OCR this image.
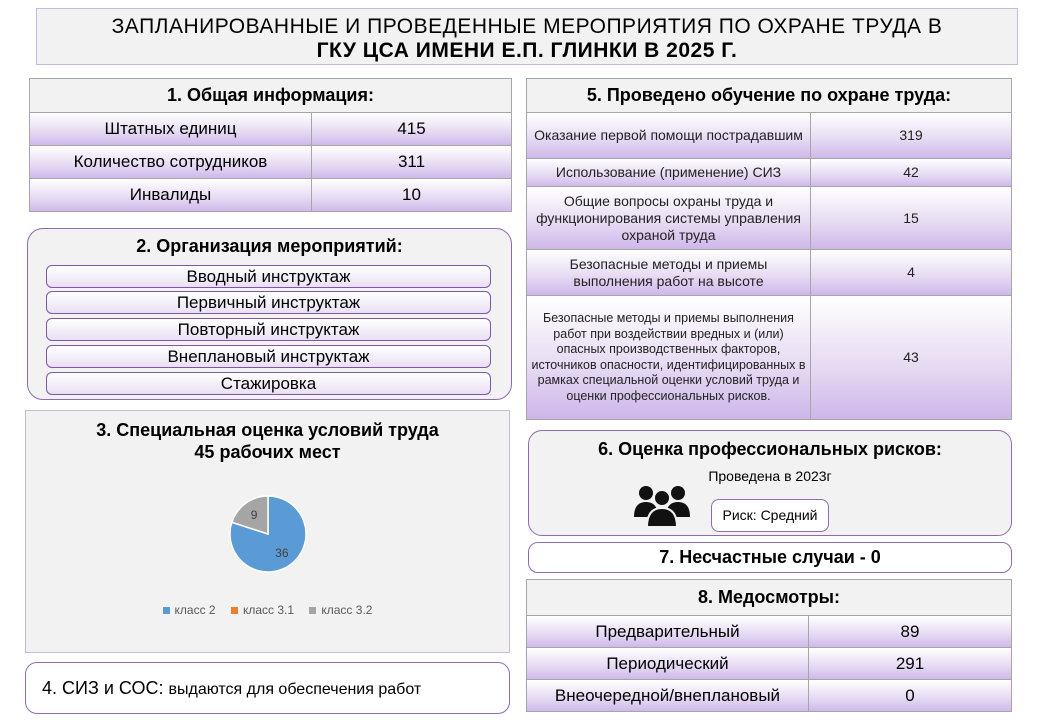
ЗАПЛАНИРОВАННЫЕ И ПРОВЕДЕННЫЕ МЕРОПРИЯТИЯ ПО ОХРАНЕ ТРУДА В
ГКУ ЦСА ИМЕНИ Е.П. ГЛИНКИ В 2025 Г.
1. Общая информация:	
Штатных единиц	415
Количество сотрудников	311
Инвалиды	10
2. Организация мероприятий:
Вводный инструктаж
Первичный инструктаж
Повторный инструктаж
Внеплановый инструктаж
Стажировка
3. Специальная оценка условий труда
45 рабочих мест
36
9
класс 2 класс 3.1 класс 3.2
4. СИЗ и СОС: выдаются для обеспечения работ
5. Проведено обучение по охране труда:	
Оказание первой помощи пострадавшим	319
Использование (применение) СИЗ	42
Общие вопросы охраны труда и функционирования системы управления охраной труда	15
Безопасные методы и приемы выполнения работ на высоте	4
Безопасные методы и приемы выполнения работ при воздействии вредных и (или) опасных производственных факторов, источников опасности, идентифицированных в рамках специальной оценки условий труда и оценки профессиональных рисков.	43
6. Оценка профессиональных рисков:
Проведена в 2023г
Риск: Средний
7. Несчастные случаи - 0
8. Медосмотры:	
Предварительный	89
Периодический	291
Внеочередной/внеплановый	0
